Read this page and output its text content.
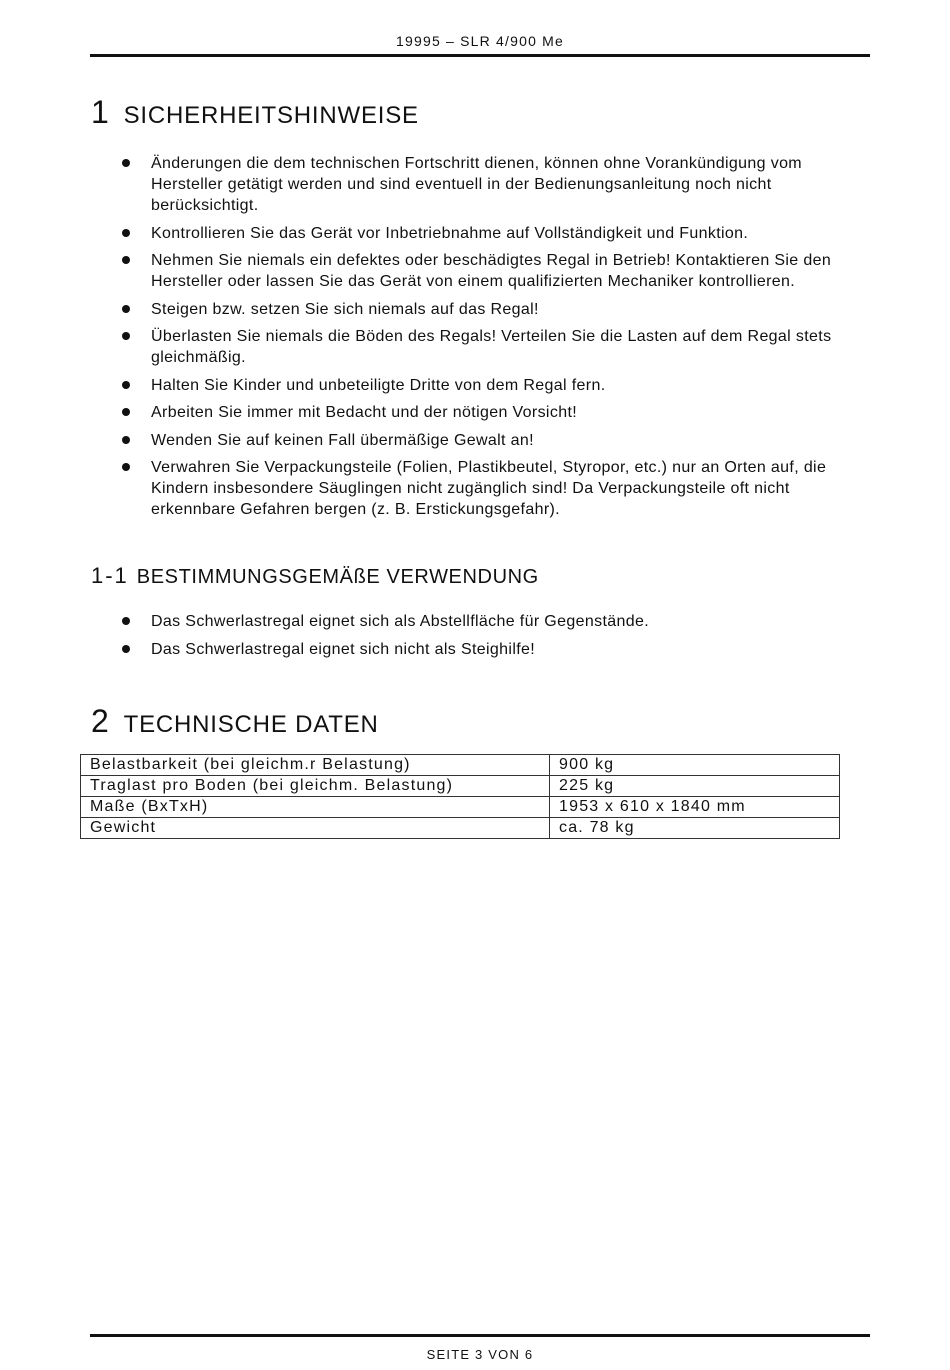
19995 – SLR 4/900 Me
1 SICHERHEITSHINWEISE
Änderungen die dem technischen Fortschritt dienen, können ohne Vorankündigung vom Hersteller getätigt werden und sind eventuell in der Bedienungsanleitung noch nicht berücksichtigt.
Kontrollieren Sie das Gerät vor Inbetriebnahme auf Vollständigkeit und Funktion.
Nehmen Sie niemals ein defektes oder beschädigtes Regal in Betrieb! Kontaktieren Sie den Hersteller oder lassen Sie das Gerät von einem qualifizierten Mechaniker kontrollieren.
Steigen bzw. setzen Sie sich niemals auf das Regal!
Überlasten Sie niemals die Böden des Regals! Verteilen Sie die Lasten auf dem Regal stets gleichmäßig.
Halten Sie Kinder und unbeteiligte Dritte von dem Regal fern.
Arbeiten Sie immer mit Bedacht und der nötigen Vorsicht!
Wenden Sie auf keinen Fall übermäßige Gewalt an!
Verwahren Sie Verpackungsteile (Folien, Plastikbeutel, Styropor, etc.) nur an Orten auf, die Kindern insbesondere Säuglingen nicht zugänglich sind! Da Verpackungsteile oft nicht erkennbare Gefahren bergen (z. B. Erstickungsgefahr).
1-1 BESTIMMUNGSGEMÄßE VERWENDUNG
Das Schwerlastregal eignet sich als Abstellfläche für Gegenstände.
Das Schwerlastregal eignet sich nicht als Steighilfe!
2 TECHNISCHE DATEN
Belastbarkeit (bei gleichm.r Belastung)	900 kg
Traglast pro Boden (bei gleichm. Belastung)	225 kg
Maße (BxTxH)	1953 x 610 x 1840 mm
Gewicht	ca. 78 kg
SEITE 3 VON 6
